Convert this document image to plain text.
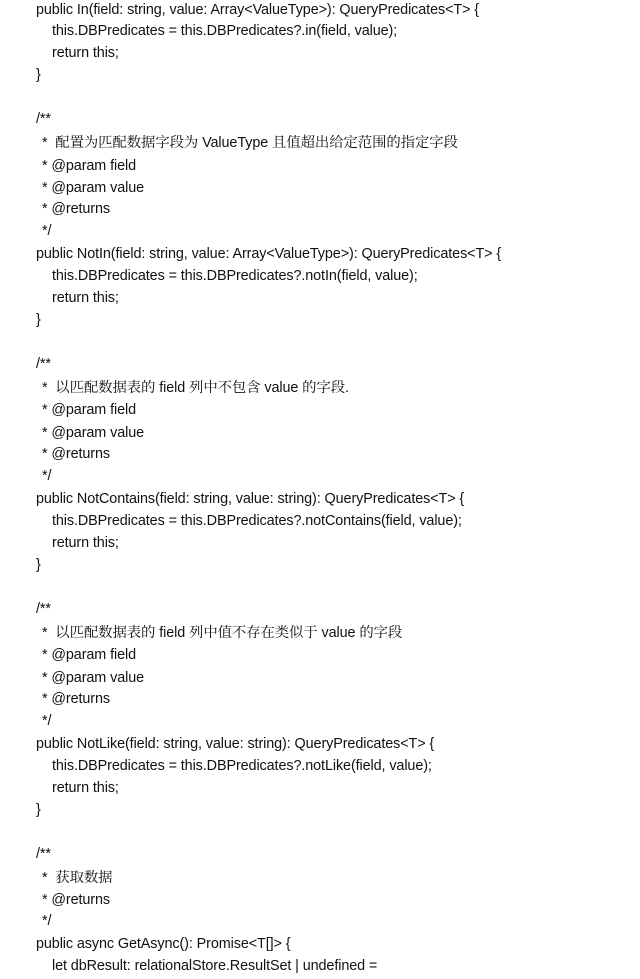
public In(field: string, value: Array<ValueType>): QueryPredicates<T> {
this.DBPredicates = this.DBPredicates?.in(field, value);
return this;
}
/**
*  配置为匹配数据字段为 ValueType 且值超出给定范围的指定字段
* @param field
* @param value
* @returns
*/
public NotIn(field: string, value: Array<ValueType>): QueryPredicates<T> {
this.DBPredicates = this.DBPredicates?.notIn(field, value);
return this;
}
/**
*  以匹配数据表的 field 列中不包含 value 的字段.
* @param field
* @param value
* @returns
*/
public NotContains(field: string, value: string): QueryPredicates<T> {
this.DBPredicates = this.DBPredicates?.notContains(field, value);
return this;
}
/**
*  以匹配数据表的 field 列中值不存在类似于 value 的字段
* @param field
* @param value
* @returns
*/
public NotLike(field: string, value: string): QueryPredicates<T> {
this.DBPredicates = this.DBPredicates?.notLike(field, value);
return this;
}
/**
*  获取数据
* @returns
*/
public async GetAsync(): Promise<T[]> {
let dbResult: relationalStore.ResultSet | undefined =
